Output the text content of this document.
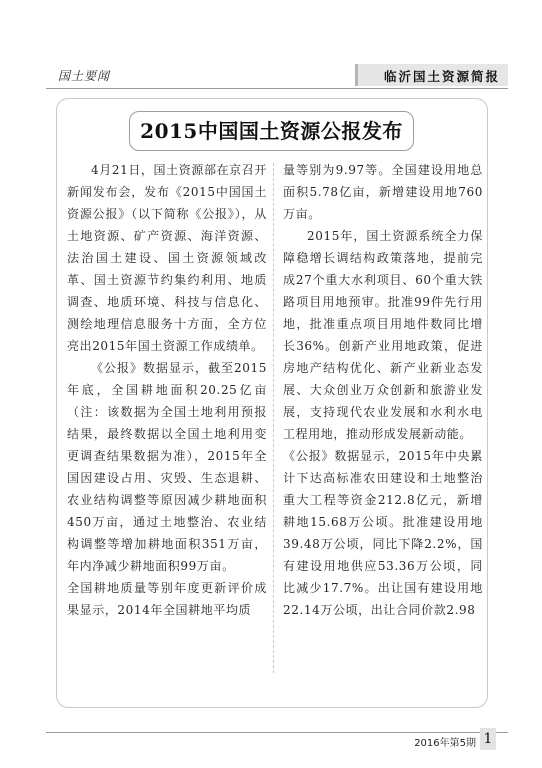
国土要闻	临沂国土资源简报
2015中国国土资源公报发布

4月21日，国土资源部在京召开新闻发布会，发布《2015中国国土资源公报》（以下简称《公报》），从土地资源、矿产资源、海洋资源、法治国土建设、国土资源领域改革、国土资源节约集约利用、地质调查、地质环境、科技与信息化、测绘地理信息服务十方面，全方位亮出2015年国土资源工作成绩单。

《公报》数据显示，截至2015年底，全国耕地面积20.25亿亩（注：该数据为全国土地利用预报结果，最终数据以全国土地利用变更调查结果数据为准），2015年全国因建设占用、灾毁、生态退耕、农业结构调整等原因减少耕地面积450万亩，通过土地整治、农业结构调整等增加耕地面积351万亩，年内净减少耕地面积99万亩。

全国耕地质量等别年度更新评价成果显示，2014年全国耕地平均质

量等别为9.97等。全国建设用地总面积5.78亿亩，新增建设用地760万亩。

2015年，国土资源系统全力保障稳增长调结构政策落地，提前完成27个重大水利项目、60个重大铁路项目用地预审。批准99件先行用地，批准重点项目用地件数同比增长36%。创新产业用地政策，促进房地产结构优化、新产业新业态发展、大众创业万众创新和旅游业发展，支持现代农业发展和水利水电工程用地，推动形成发展新动能。

《公报》数据显示，2015年中央累计下达高标准农田建设和土地整治重大工程等资金212.8亿元，新增耕地15.68万公顷。批准建设用地39.48万公顷，同比下降2.2%，国有建设用地供应53.36万公顷，同比减少17.7%。出让国有建设用地22.14万公顷，出让合同价款2.98

2016年第5期 1
